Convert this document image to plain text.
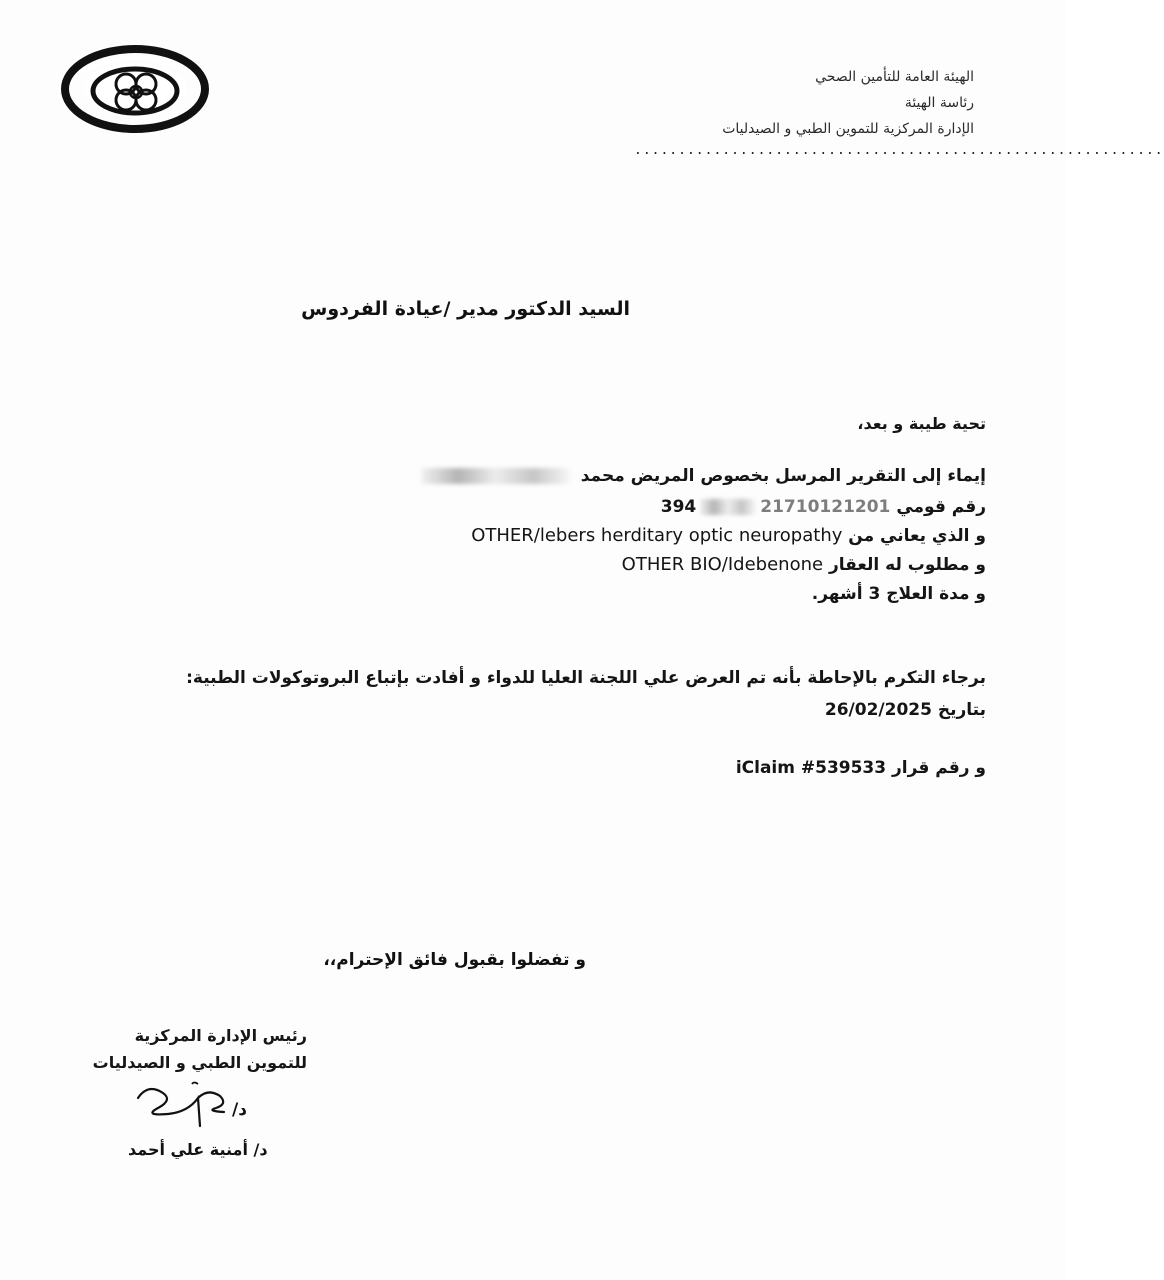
الهيئة العامة للتأمين الصحي
رئاسة الهيئة
الإدارة المركزية للتموين الطبي و الصيدليات
............................................................
السيد الدكتور مدير /عيادة الفردوس
تحية طيبة و بعد،
إيماء إلى التقرير المرسل بخصوص المريض محمد
رقم قومي 394	21710121201
و الذي يعاني من OTHER/lebers herditary optic neuropathy
و مطلوب له العقار OTHER BIO/Idebenone
و مدة العلاج 3 أشهر.
برجاء التكرم بالإحاطة بأنه تم العرض علي اللجنة العليا للدواء و أفادت بإتباع البروتوكولات الطبية:
بتاريخ 26/02/2025
و رقم قرار iClaim #539533
و تفضلوا بقبول فائق الإحترام،،
رئيس الإدارة المركزية
للتموين الطبي و الصيدليات
د/
د/ أمنية علي أحمد
